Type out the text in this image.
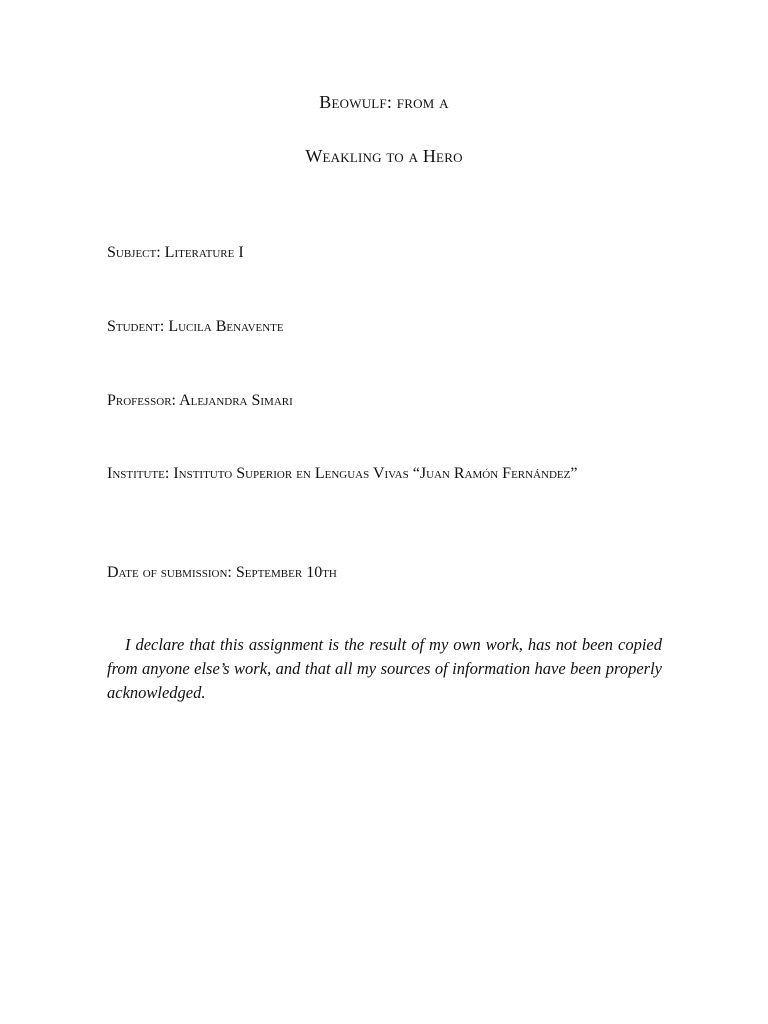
Beowulf: from a
Weakling to a Hero
Subject: Literature I
Student: Lucila Benavente
Professor: Alejandra Simari
Institute: Instituto Superior en Lenguas Vivas “Juan Ramón Fernández”
Date of submission: September 10th
I declare that this assignment is the result of my own work, has not been copied from anyone else’s work, and that all my sources of information have been properly acknowledged.
